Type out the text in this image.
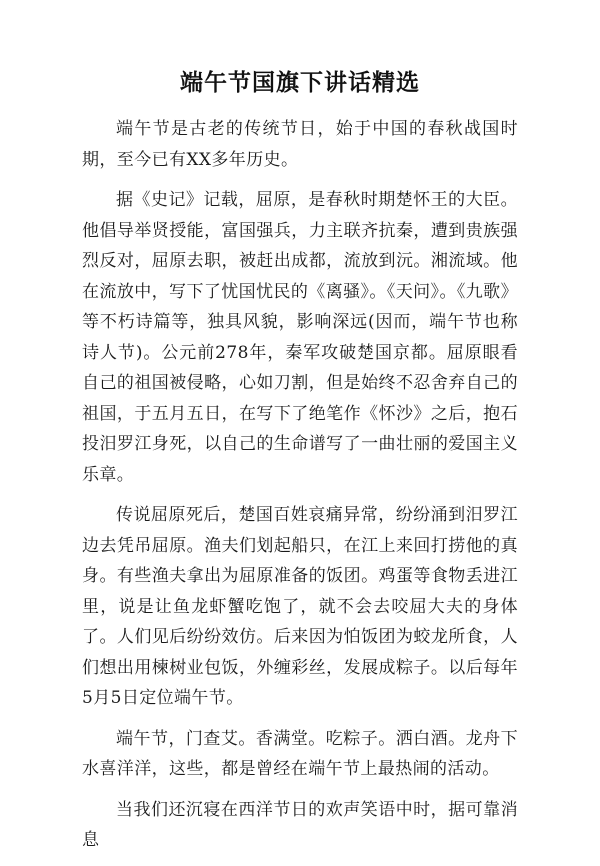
端午节国旗下讲话精选

端午节是古老的传统节日，始于中国的春秋战国时期，至今已有XX多年历史。

据《史记》记载，屈原，是春秋时期楚怀王的大臣。他倡导举贤授能，富国强兵，力主联齐抗秦，遭到贵族强烈反对，屈原去职，被赶出成都，流放到沅。湘流域。他在流放中，写下了忧国忧民的《离骚》。《天问》。《九歌》等不朽诗篇等，独具风貌，影响深远(因而，端午节也称诗人节)。公元前278年，秦军攻破楚国京都。屈原眼看自己的祖国被侵略，心如刀割，但是始终不忍舍弃自己的祖国，于五月五日，在写下了绝笔作《怀沙》之后，抱石投汨罗江身死，以自己的生命谱写了一曲壮丽的爱国主义乐章。

传说屈原死后，楚国百姓哀痛异常，纷纷涌到汨罗江边去凭吊屈原。渔夫们划起船只，在江上来回打捞他的真身。有些渔夫拿出为屈原准备的饭团。鸡蛋等食物丢进江里，说是让鱼龙虾蟹吃饱了，就不会去咬屈大夫的身体了。人们见后纷纷效仿。后来因为怕饭团为蛟龙所食，人们想出用楝树业包饭，外缠彩丝，发展成粽子。以后每年5月5日定位端午节。

端午节，门查艾。香满堂。吃粽子。洒白酒。龙舟下水喜洋洋，这些，都是曾经在端午节上最热闹的活动。

当我们还沉寝在西洋节日的欢声笑语中时，据可靠消息
